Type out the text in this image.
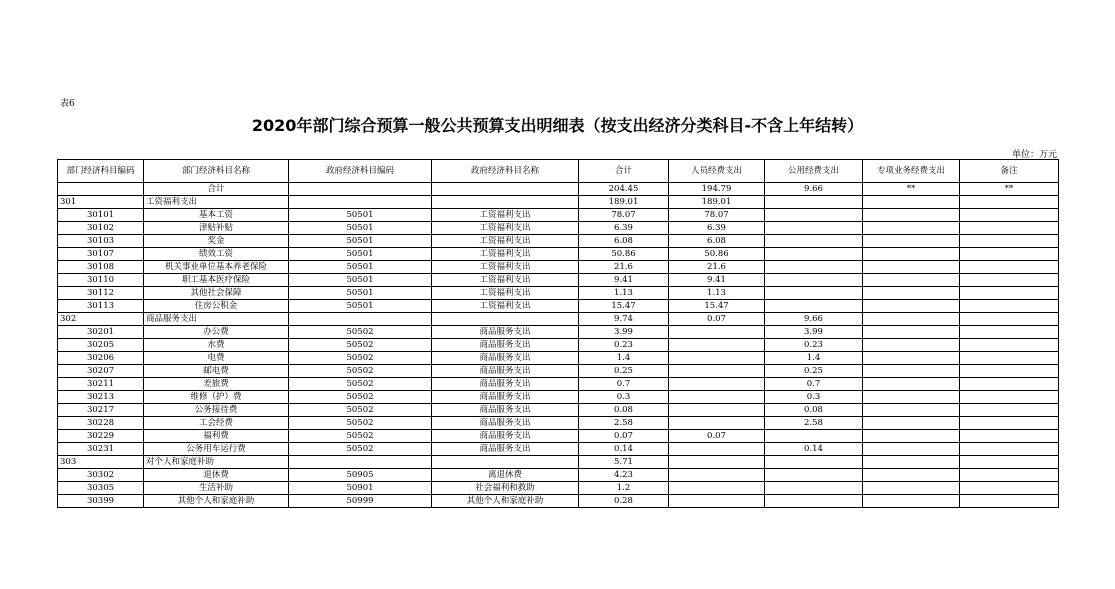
表6
2020年部门综合预算一般公共预算支出明细表（按支出经济分类科目-不含上年结转）
单位：万元
部门经济科目编码	部门经济科目名称	政府经济科目编码	政府经济科目名称	合计	人员经费支出	公用经费支出	专项业务经费支出	备注
	合计			204.45	194.79	9.66	**	**
301	工资福利支出			189.01	189.01			
30101	基本工资	50501	工资福利支出	78.07	78.07			
30102	津贴补贴	50501	工资福利支出	6.39	6.39			
30103	奖金	50501	工资福利支出	6.08	6.08			
30107	绩效工资	50501	工资福利支出	50.86	50.86			
30108	机关事业单位基本养老保险	50501	工资福利支出	21.6	21.6			
30110	职工基本医疗保险	50501	工资福利支出	9.41	9.41			
30112	其他社会保障	50501	工资福利支出	1.13	1.13			
30113	住房公积金	50501	工资福利支出	15.47	15.47			
302	商品服务支出			9.74	0.07	9.66		
30201	办公费	50502	商品服务支出	3.99		3.99		
30205	水费	50502	商品服务支出	0.23		0.23		
30206	电费	50502	商品服务支出	1.4		1.4		
30207	邮电费	50502	商品服务支出	0.25		0.25		
30211	差旅费	50502	商品服务支出	0.7		0.7		
30213	维修（护）费	50502	商品服务支出	0.3		0.3		
30217	公务接待费	50502	商品服务支出	0.08		0.08		
30228	工会经费	50502	商品服务支出	2.58		2.58		
30229	福利费	50502	商品服务支出	0.07	0.07			
30231	公务用车运行费	50502	商品服务支出	0.14		0.14		
303	对个人和家庭补助			5.71				
30302	退休费	50905	离退休费	4.23				
30305	生活补助	50901	社会福利和救助	1.2				
30399	其他个人和家庭补助	50999	其他个人和家庭补助	0.28				
